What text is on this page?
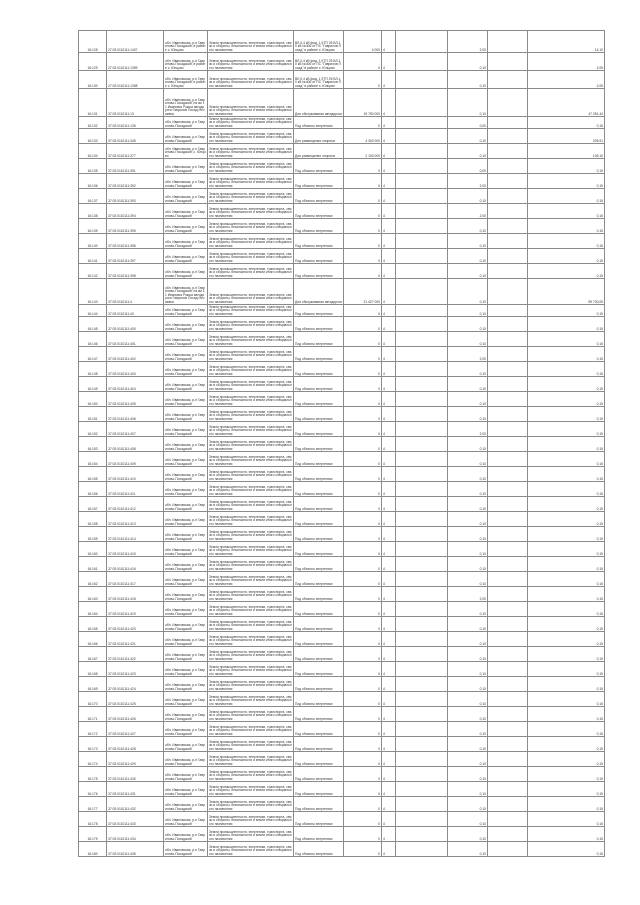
16:128	27:02:0110111:1407	обл. Ивановская, р-н Гаврилово-Посадский, в районе с. Юнцово	Земли промышленности, энергетики, транспорта, связи и обороны, безопасности и земли иного специального назначения	ВЛ-0,4 кВ фид. 1 КТП 25 ВЛ-10 кВ №406 от ПС "Гаврилов Посад" в районе с. Юнцово	4 000	4		2,00		14,10
16:129	27:02:0110111:1399	обл. Ивановская, р-н Гаврилово-Посадский, в районе с. Юнцово	Земли промышленности, энергетики, транспорта, связи и обороны, безопасности и земли иного специального назначения	ВЛ-0,4 кВ фид. 1 КТП 25 ВЛ-10 кВ №406 от ПС "Гаврилов Посад" в районе с. Юнцово	0	4		0,10		2,05
16:130	27:02:0110111:1398	обл. Ивановская, р-н Гаврилово-Посадский, в районе с. Юнцово	Земли промышленности, энергетики, транспорта, связи и обороны, безопасности и земли иного специального назначения	ВЛ-0,4 кВ фид. 1 КТП 25 ВЛ-10 кВ №406 от ПС "Гаврилов Посад" в районе с. Юнцово	0	4		0,10		2,05
16:131	37:02:0110111:13	обл. Ивановская, р-н Гаврилово-Посадский, на км 11 Ивановск Рокша автодороги Гаврилов Посад-Нечаевка	Земли промышленности, энергетики, транспорта, связи и обороны, безопасности и земли иного специального назначения	Для обслуживания автодороги	15 750 000	4		0,10		47 251,44
16:132	37:02:0110111:135	обл. Ивановская, р-н Гаврилово-Посадский	Земли промышленности, энергетики, транспорта, связи и обороны, безопасности и земли иного специального назначения	Под объекты энергетики	0	4		0,00		0,15
16:133	37:02:0110111:345	обл. Ивановская, р-н Гаврилово-Посадский	Земли промышленности, энергетики, транспорта, связи и обороны, безопасности и земли иного специального назначения	Для размещения опорных	4 300 000	4		0,10		205,91
16:134	37:02:0110111:377	обл. Ивановская, р-н Гаврилово-Посадский, с. Юнцово	Земли промышленности, энергетики, транспорта, связи и обороны, безопасности и земли иного специального назначения	Для размещения опорных	2 100 000	4		0,10		105,10
16:135	37:02:0110111:391	обл. Ивановская, р-н Гаврилово-Посадский	Земли промышленности, энергетики, транспорта, связи и обороны, безопасности и земли иного специального назначения	Под объекты энергетики	0	4		0,00		0,15
16:136	37:02:0110111:392	обл. Ивановская, р-н Гаврилово-Посадский	Земли промышленности, энергетики, транспорта, связи и обороны, безопасности и земли иного специального назначения	Под объекты энергетики	0	4		2,00		0,15
16:137	37:02:0110111:393	обл. Ивановская, р-н Гаврилово-Посадский	Земли промышленности, энергетики, транспорта, связи и обороны, безопасности и земли иного специального назначения	Под объекты энергетики	0	4		0,10		0,15
16:138	37:02:0110111:394	обл. Ивановская, р-н Гаврилово-Посадский	Земли промышленности, энергетики, транспорта, связи и обороны, безопасности и земли иного специального назначения	Под объекты энергетики	0	4		2,00		0,15
16:139	37:02:0110111:395	обл. Ивановская, р-н Гаврилово-Посадский	Земли промышленности, энергетики, транспорта, связи и обороны, безопасности и земли иного специального назначения	Под объекты энергетики	0	4		0,10		0,15
16:140	37:02:0110111:396	обл. Ивановская, р-н Гаврилово-Посадский	Земли промышленности, энергетики, транспорта, связи и обороны, безопасности и земли иного специального назначения	Под объекты энергетики	0	4		0,10		0,15
16:141	37:02:0110111:397	обл. Ивановская, р-н Гаврилово-Посадский	Земли промышленности, энергетики, транспорта, связи и обороны, безопасности и земли иного специального назначения	Под объекты энергетики	0	4		0,10		0,15
16:142	37:02:0110111:398	обл. Ивановская, р-н Гаврилово-Посадский	Земли промышленности, энергетики, транспорта, связи и обороны, безопасности и земли иного специального назначения	Под объекты энергетики	0	4		0,10		0,15
16:143	37:02:0110111:4	обл. Ивановская, р-н Гаврилово-Посадский, на км 11 Ивановск Рокша автодороги Гаврилов Посад-Нечаевка	Земли промышленности, энергетики, транспорта, связи и обороны, безопасности и земли иного специального назначения	Для обслуживания автодороги	21 427 000	4		0,10		59 730,05
16:144	37:02:0110111:40	обл. Ивановская, р-н Гаврилово-Посадский	Земли промышленности, энергетики, транспорта, связи и обороны, безопасности и земли иного специального назначения	Под объекты энергетики	0	4		0,10		0,15
16:145	37:02:0110111:400	обл. Ивановская, р-н Гаврилово-Посадский	Земли промышленности, энергетики, транспорта, связи и обороны, безопасности и земли иного специального назначения	Под объекты энергетики	0	4		0,10		0,15
16:146	37:02:0110111:401	обл. Ивановская, р-н Гаврилово-Посадский	Земли промышленности, энергетики, транспорта, связи и обороны, безопасности и земли иного специального назначения	Под объекты энергетики	0	4		0,10		0,15
16:147	37:02:0110111:402	обл. Ивановская, р-н Гаврилово-Посадский	Земли промышленности, энергетики, транспорта, связи и обороны, безопасности и земли иного специального назначения	Под объекты энергетики	0	4		2,00		0,15
16:148	37:02:0110111:403	обл. Ивановская, р-н Гаврилово-Посадский	Земли промышленности, энергетики, транспорта, связи и обороны, безопасности и земли иного специального назначения	Под объекты энергетики	0	4		0,10		0,15
16:149	37:02:0110111:404	обл. Ивановская, р-н Гаврилово-Посадский	Земли промышленности, энергетики, транспорта, связи и обороны, безопасности и земли иного специального назначения	Под объекты энергетики	0	4		0,10		0,15
16:150	37:02:0110111:405	обл. Ивановская, р-н Гаврилово-Посадский	Земли промышленности, энергетики, транспорта, связи и обороны, безопасности и земли иного специального назначения	Под объекты энергетики	0	4		0,10		0,15
16:151	37:02:0110111:406	обл. Ивановская, р-н Гаврилово-Посадский	Земли промышленности, энергетики, транспорта, связи и обороны, безопасности и земли иного специального назначения	Под объекты энергетики	0	4		0,10		0,15
16:152	37:02:0110111:407	обл. Ивановская, р-н Гаврилово-Посадский	Земли промышленности, энергетики, транспорта, связи и обороны, безопасности и земли иного специального назначения	Под объекты энергетики	0	4		2,00		0,15
16:153	37:02:0110111:408	обл. Ивановская, р-н Гаврилово-Посадский	Земли промышленности, энергетики, транспорта, связи и обороны, безопасности и земли иного специального назначения	Под объекты энергетики	0	4		0,10		0,15
16:154	37:02:0110111:409	обл. Ивановская, р-н Гаврилово-Посадский	Земли промышленности, энергетики, транспорта, связи и обороны, безопасности и земли иного специального назначения	Под объекты энергетики	0	4		0,10		0,15
16:155	37:02:0110111:410	обл. Ивановская, р-н Гаврилово-Посадский	Земли промышленности, энергетики, транспорта, связи и обороны, безопасности и земли иного специального назначения	Под объекты энергетики	0	4		0,10		0,15
16:156	37:02:0110111:411	обл. Ивановская, р-н Гаврилово-Посадский	Земли промышленности, энергетики, транспорта, связи и обороны, безопасности и земли иного специального назначения	Под объекты энергетики	0	4		0,10		0,15
16:157	37:02:0110111:412	обл. Ивановская, р-н Гаврилово-Посадский	Земли промышленности, энергетики, транспорта, связи и обороны, безопасности и земли иного специального назначения	Под объекты энергетики	0	4		0,10		0,15
16:158	37:02:0110111:413	обл. Ивановская, р-н Гаврилово-Посадский	Земли промышленности, энергетики, транспорта, связи и обороны, безопасности и земли иного специального назначения	Под объекты энергетики	0	4		0,10		0,15
16:159	37:02:0110111:414	обл. Ивановская, р-н Гаврилово-Посадский	Земли промышленности, энергетики, транспорта, связи и обороны, безопасности и земли иного специального назначения	Под объекты энергетики	0	4		0,10		0,15
16:160	37:02:0110111:415	обл. Ивановская, р-н Гаврилово-Посадский	Земли промышленности, энергетики, транспорта, связи и обороны, безопасности и земли иного специального назначения	Под объекты энергетики	0	4		0,10		0,15
16:161	37:02:0110111:416	обл. Ивановская, р-н Гаврилово-Посадский	Земли промышленности, энергетики, транспорта, связи и обороны, безопасности и земли иного специального назначения	Под объекты энергетики	0	4		0,10		0,15
16:162	37:02:0110111:417	обл. Ивановская, р-н Гаврилово-Посадский	Земли промышленности, энергетики, транспорта, связи и обороны, безопасности и земли иного специального назначения	Под объекты энергетики	0	4		0,10		0,15
16:163	37:02:0110111:418	обл. Ивановская, р-н Гаврилово-Посадский	Земли промышленности, энергетики, транспорта, связи и обороны, безопасности и земли иного специального назначения	Под объекты энергетики	0	4		2,00		0,15
16:164	37:02:0110111:419	обл. Ивановская, р-н Гаврилово-Посадский	Земли промышленности, энергетики, транспорта, связи и обороны, безопасности и земли иного специального назначения	Под объекты энергетики	0	4		0,10		0,15
16:165	37:02:0110111:420	обл. Ивановская, р-н Гаврилово-Посадский	Земли промышленности, энергетики, транспорта, связи и обороны, безопасности и земли иного специального назначения	Под объекты энергетики	0	4		0,10		0,15
16:166	37:02:0110111:421	обл. Ивановская, р-н Гаврилово-Посадский	Земли промышленности, энергетики, транспорта, связи и обороны, безопасности и земли иного специального назначения	Под объекты энергетики	0	4		0,10		0,15
16:167	37:02:0110111:422	обл. Ивановская, р-н Гаврилово-Посадский	Земли промышленности, энергетики, транспорта, связи и обороны, безопасности и земли иного специального назначения	Под объекты энергетики	0	4		0,10		0,15
16:168	37:02:0110111:423	обл. Ивановская, р-н Гаврилово-Посадский	Земли промышленности, энергетики, транспорта, связи и обороны, безопасности и земли иного специального назначения	Под объекты энергетики	0	4		0,10		0,15
16:169	37:02:0110111:424	обл. Ивановская, р-н Гаврилово-Посадский	Земли промышленности, энергетики, транспорта, связи и обороны, безопасности и земли иного специального назначения	Под объекты энергетики	0	4		0,10		0,15
16:170	37:02:0110111:425	обл. Ивановская, р-н Гаврилово-Посадский	Земли промышленности, энергетики, транспорта, связи и обороны, безопасности и земли иного специального назначения	Под объекты энергетики	0	4		0,10		0,15
16:171	37:02:0110111:426	обл. Ивановская, р-н Гаврилово-Посадский	Земли промышленности, энергетики, транспорта, связи и обороны, безопасности и земли иного специального назначения	Под объекты энергетики	0	4		0,10		0,15
16:172	37:02:0110111:427	обл. Ивановская, р-н Гаврилово-Посадский	Земли промышленности, энергетики, транспорта, связи и обороны, безопасности и земли иного специального назначения	Под объекты энергетики	0	4		0,10		0,15
16:173	37:02:0110111:428	обл. Ивановская, р-н Гаврилово-Посадский	Земли промышленности, энергетики, транспорта, связи и обороны, безопасности и земли иного специального назначения	Под объекты энергетики	0	4		0,10		0,15
16:174	37:02:0110111:429	обл. Ивановская, р-н Гаврилово-Посадский	Земли промышленности, энергетики, транспорта, связи и обороны, безопасности и земли иного специального назначения	Под объекты энергетики	0	4		0,10		0,15
16:175	37:02:0110111:430	обл. Ивановская, р-н Гаврилово-Посадский	Земли промышленности, энергетики, транспорта, связи и обороны, безопасности и земли иного специального назначения	Под объекты энергетики	0	4		0,10		0,15
16:176	37:02:0110111:431	обл. Ивановская, р-н Гаврилово-Посадский	Земли промышленности, энергетики, транспорта, связи и обороны, безопасности и земли иного специального назначения	Под объекты энергетики	0	4		0,10		0,15
16:177	37:02:0110111:432	обл. Ивановская, р-н Гаврилово-Посадский	Земли промышленности, энергетики, транспорта, связи и обороны, безопасности и земли иного специального назначения	Под объекты энергетики	0	4		0,10		0,15
16:178	37:02:0110111:433	обл. Ивановская, р-н Гаврилово-Посадский	Земли промышленности, энергетики, транспорта, связи и обороны, безопасности и земли иного специального назначения	Под объекты энергетики	0	4		0,10		0,15
16:179	37:02:0110111:434	обл. Ивановская, р-н Гаврилово-Посадский	Земли промышленности, энергетики, транспорта, связи и обороны, безопасности и земли иного специального назначения	Под объекты энергетики	0	4		0,10		0,15
16:180	37:02:0110111:435	обл. Ивановская, р-н Гаврилово-Посадский	Земли промышленности, энергетики, транспорта, связи и обороны, безопасности и земли иного специального назначения	Под объекты энергетики	0	4		0,10		0,15
